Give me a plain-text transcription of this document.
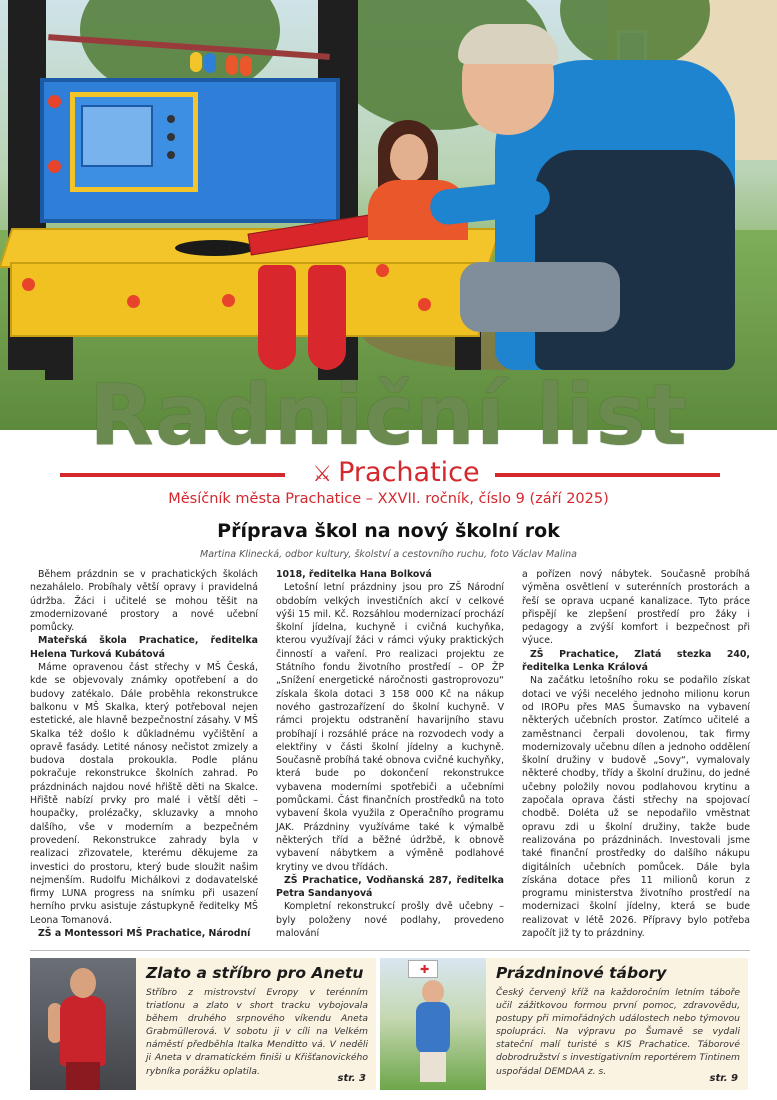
Radniční list
⚔ Prachatice
Měsíčník města Prachatice – XXVII. ročník, číslo 9 (září 2025)
Příprava škol na nový školní rok
Martina Klinecká, odbor kultury, školství a cestovního ruchu, foto Václav Malina

Během prázdnin se v prachatických školách nezahálelo. Probíhaly větší opravy i pravidelná údržba. Žáci i učitelé se mohou těšit na zmodernizované prostory a nové učební pomůcky.

Mateřská škola Prachatice, ředitelka Helena Turková Kubátová

Máme opravenou část střechy v MŠ Česká, kde se objevovaly známky opotřebení a do budovy zatékalo. Dále proběhla rekonstrukce balkonu v MŠ Skalka, který potřeboval nejen estetické, ale hlavně bezpečnostní zásahy. V MŠ Skalka též došlo k důkladnému vyčištění a opravě fasády. Letité nánosy nečistot zmizely a budova dostala prokoukla. Podle plánu pokračuje rekonstrukce školních zahrad. Po prázdninách najdou nové hřiště děti na Skalce. Hřiště nabízí prvky pro malé i větší děti – houpačky, prolézačky, skluzavky a mnoho dalšího, vše v moderním a bezpečném provedení. Rekonstrukce zahrady byla v realizaci zřizovatele, kterému děkujeme za investici do prostoru, který bude sloužit našim nejmenším. Rudolfu Michálkovi z dodavatelské firmy LUNA progress na snímku při usazení herního prvku asistuje zástupkyně ředitelky MŠ Leona Tomanová.

ZŠ a Montessori MŠ Prachatice, Národní

1018, ředitelka Hana Bolková

Letošní letní prázdniny jsou pro ZŠ Národní obdobím velkých investičních akcí v celkové výši 15 mil. Kč. Rozsáhlou modernizací prochází školní jídelna, kuchyně i cvičná kuchyňka, kterou využívají žáci v rámci výuky praktických činností a vaření. Pro realizaci projektu ze Státního fondu životního prostředí – OP ŽP „Snížení energetické náročnosti gastroprovozu“ získala škola dotaci 3 158 000 Kč na nákup nového gastrozařízení do školní kuchyně. V rámci projektu odstranění havarijního stavu probíhají i rozsáhlé práce na rozvodech vody a elektřiny v části školní jídelny a kuchyně. Současně probíhá také obnova cvičné kuchyňky, která bude po dokončení rekonstrukce vybavena moderními spotřebiči a učebními pomůckami. Část finančních prostředků na toto vybavení škola využila z Operačního programu JAK. Prázdniny využíváme také k výmalbě některých tříd a běžné údržbě, k obnově vybavení nábytkem a výměně podlahové krytiny ve dvou třídách.

ZŠ Prachatice, Vodňanská 287, ředitelka Petra Sandanyová

Kompletní rekonstrukcí prošly dvě učebny – byly položeny nové podlahy, provedeno malování

a pořízen nový nábytek. Současně probíhá výměna osvětlení v suterénních prostorách a řeší se oprava ucpané kanalizace. Tyto práce přispějí ke zlepšení prostředí pro žáky i pedagogy a zvýší komfort i bezpečnost při výuce.

ZŠ Prachatice, Zlatá stezka 240, ředitelka Lenka Králová

Na začátku letošního roku se podařilo získat dotaci ve výši necelého jednoho milionu korun od IROPu přes MAS Šumavsko na vybavení některých učebních prostor. Zatímco učitelé a zaměstnanci čerpali dovolenou, tak firmy modernizovaly učebnu dílen a jednoho oddělení školní družiny v budově „Sovy“, vymalovaly některé chodby, třídy a školní družinu, do jedné učebny položily novou podlahovou krytinu a započala oprava části střechy na spojovací chodbě. Doléta už se nepodařilo vměstnat opravu zdi u školní družiny, takže bude realizována po prázdninách. Investovali jsme také finanční prostředky do dalšího nákupu digitálních učebních pomůcek. Dále byla získána dotace přes 11 milionů korun z programu ministerstva životního prostředí na modernizaci školní jídelny, která se bude realizovat v létě 2026. Přípravy bylo potřeba započít již ty to prázdniny.

Zlato a stříbro pro Anetu
Stříbro z mistrovství Evropy v terénním triatlonu a zlato v short tracku vybojovala během druhého srpnového víkendu Aneta Grabmüllerová. V sobotu ji v cíli na Velkém náměstí předběhla Italka Menditto vá. V neděli ji Aneta v dramatickém finiši u Křišťanovického rybníka porážku oplatila.
str. 3
✚	Prázdninové tábory
Český červený kříž na každoročním letním táboře učil zážitkovou formou první pomoc, zdravovědu, postupy při mimořádných událostech nebo týmovou spolupráci. Na výpravu po Šumavě se vydali stateční malí turisté s KIS Prachatice. Táborové dobrodružství s investigativním reportérem Tintinem uspořádal DEMDAA z. s.
str. 9
